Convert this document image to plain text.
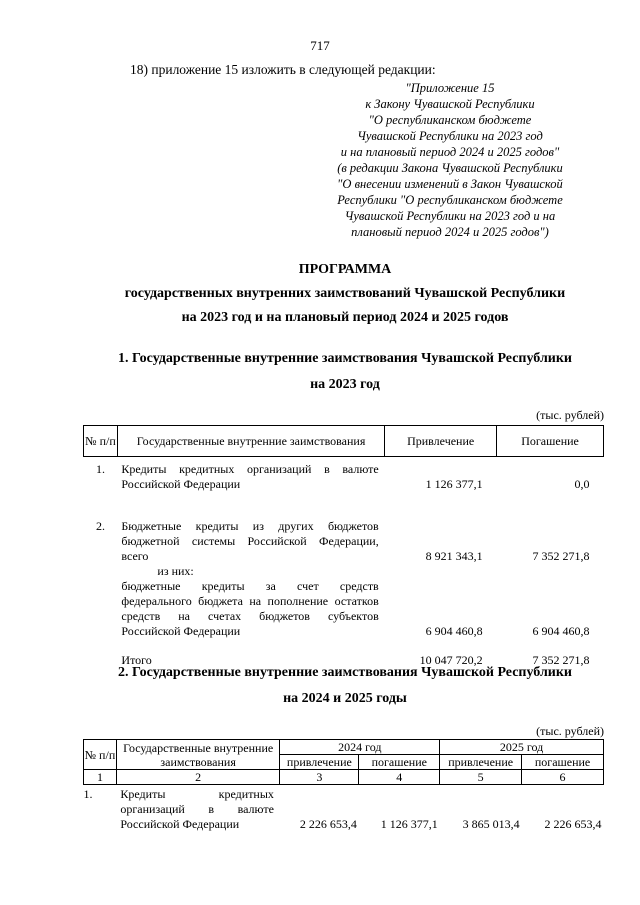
717
18) приложение 15 изложить в следующей редакции:
"Приложение 15
к Закону Чувашской Республики
"О республиканском бюджете
Чувашской Республики на 2023 год
и на плановый период 2024 и 2025 годов"
(в редакции Закона Чувашской Республики
"О внесении изменений в Закон Чувашской
Республики "О республиканском бюджете
Чувашской Республики на 2023 год и на
плановый период 2024 и 2025 годов")
ПРОГРАММА
государственных внутренних заимствований Чувашской Республики
на 2023 год и на плановый период 2024 и 2025 годов
1. Государственные внутренние заимствования Чувашской Республики
на 2023 год
(тыс. рублей)
№ п/п	Государственные внутренние заимствования	Привлечение	Погашение
1.	Кредиты кредитных организаций в валюте Российской Федерации	1 126 377,1	0,0
2.	Бюджетные кредиты из других бюджетов бюджетной системы Российской Федерации, всего	8 921 343,1	7 352 271,8
	из них:		
	бюджетные кредиты за счет средств федерального бюджета на пополнение остатков средств на счетах бюджетов субъектов Российской Федерации	6 904 460,8	6 904 460,8
	Итого	10 047 720,2	7 352 271,8
2. Государственные внутренние заимствования Чувашской Республики
на 2024 и 2025 годы
(тыс. рублей)
№ п/п	Государственные внутренние заимствования	2024 год		2025 год	
		привлечение	погашение	привлечение	погашение
1	2	3	4	5	6
1.	Кредиты кредитных организаций в валюте Российской Федерации	2 226 653,4	1 126 377,1	3 865 013,4	2 226 653,4
